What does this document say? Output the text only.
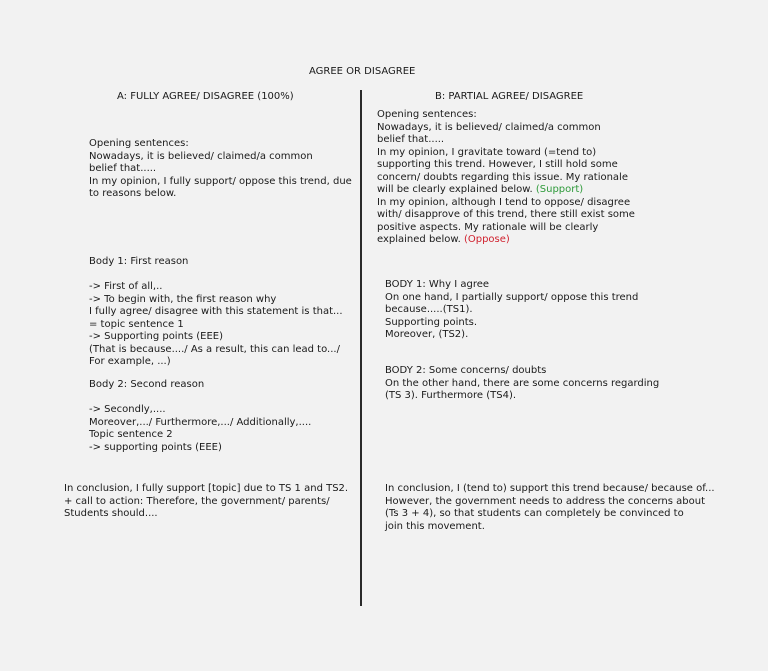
AGREE OR DISAGREE
A: FULLY AGREE/ DISAGREE (100%)	B: PARTIAL AGREE/ DISAGREE
Opening sentences:
Nowadays, it is believed/ claimed/a common
belief that.....
In my opinion, I fully support/ oppose this trend, due
to reasons below.
Body 1: First reason
-> First of all,..
-> To begin with, the first reason why
I fully agree/ disagree with this statement is that...
= topic sentence 1
-> Supporting points (EEE)
(That is because..../ As a result, this can lead to.../
For example, ...)
Body 2: Second reason
-> Secondly,....
Moreover,.../ Furthermore,.../ Additionally,....
Topic sentence 2
-> supporting points (EEE)
In conclusion, I fully support [topic] due to TS 1 and TS2.
+ call to action: Therefore, the government/ parents/
Students should....
Opening sentences:
Nowadays, it is believed/ claimed/a common
belief that.....
In my opinion, I gravitate toward (=tend to)
supporting this trend. However, I still hold some
concern/ doubts regarding this issue. My rationale
will be clearly explained below. (Support)
In my opinion, although I tend to oppose/ disagree
with/ disapprove of this trend, there still exist some
positive aspects. My rationale will be clearly
explained below. (Oppose)
BODY 1: Why I agree
On one hand, I partially support/ oppose this trend
because.....(TS1).
Supporting points.
Moreover, (TS2).
BODY 2: Some concerns/ doubts
On the other hand, there are some concerns regarding
(TS 3). Furthermore (TS4).
In conclusion, I (tend to) support this trend because/ because of...
However, the government needs to address the concerns about
(Ts 3 + 4), so that students can completely be convinced to
join this movement.
